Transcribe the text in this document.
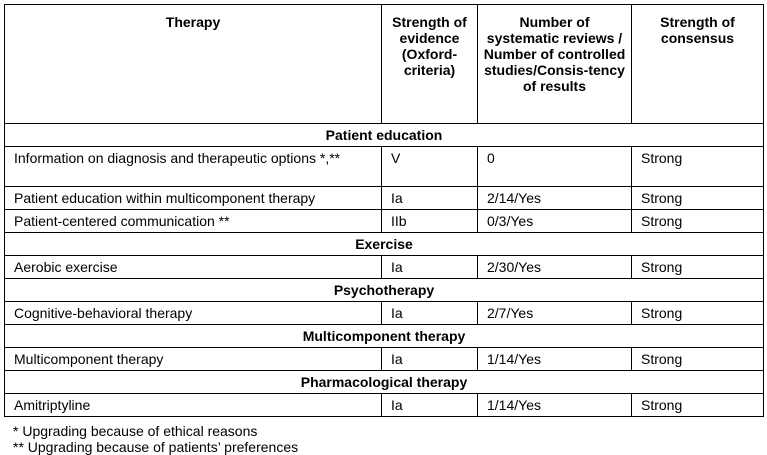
Therapy	Strength of evidence (Oxford-criteria)	Number of systematic reviews / Number of controlled studies/Consis-tency of results	Strength of consensus
Patient education			
Information on diagnosis and therapeutic options *,**	V	0	Strong
Patient education within multicomponent therapy	Ia	2/14/Yes	Strong
Patient-centered communication **	IIb	0/3/Yes	Strong
Exercise			
Aerobic exercise	Ia	2/30/Yes	Strong
Psychotherapy			
Cognitive-behavioral therapy	Ia	2/7/Yes	Strong
Multicomponent therapy			
Multicomponent therapy	Ia	1/14/Yes	Strong
Pharmacological therapy			
Amitriptyline	Ia	1/14/Yes	Strong
* Upgrading because of ethical reasons
** Upgrading because of patients’ preferences
